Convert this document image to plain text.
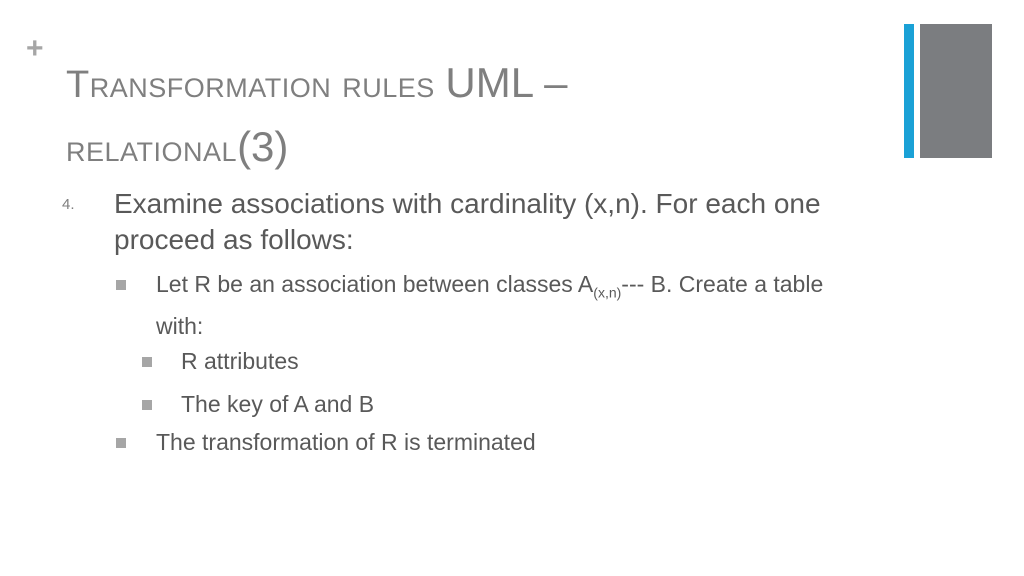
+
Transformation rules UML –
relational(3)
4. Examine associations with cardinality (x,n). For each one proceed as follows:
Let R be an association between classes $A_{(x,n)}---$ B. Create a table with:
R attributes
The key of A and B
The transformation of R is terminated
